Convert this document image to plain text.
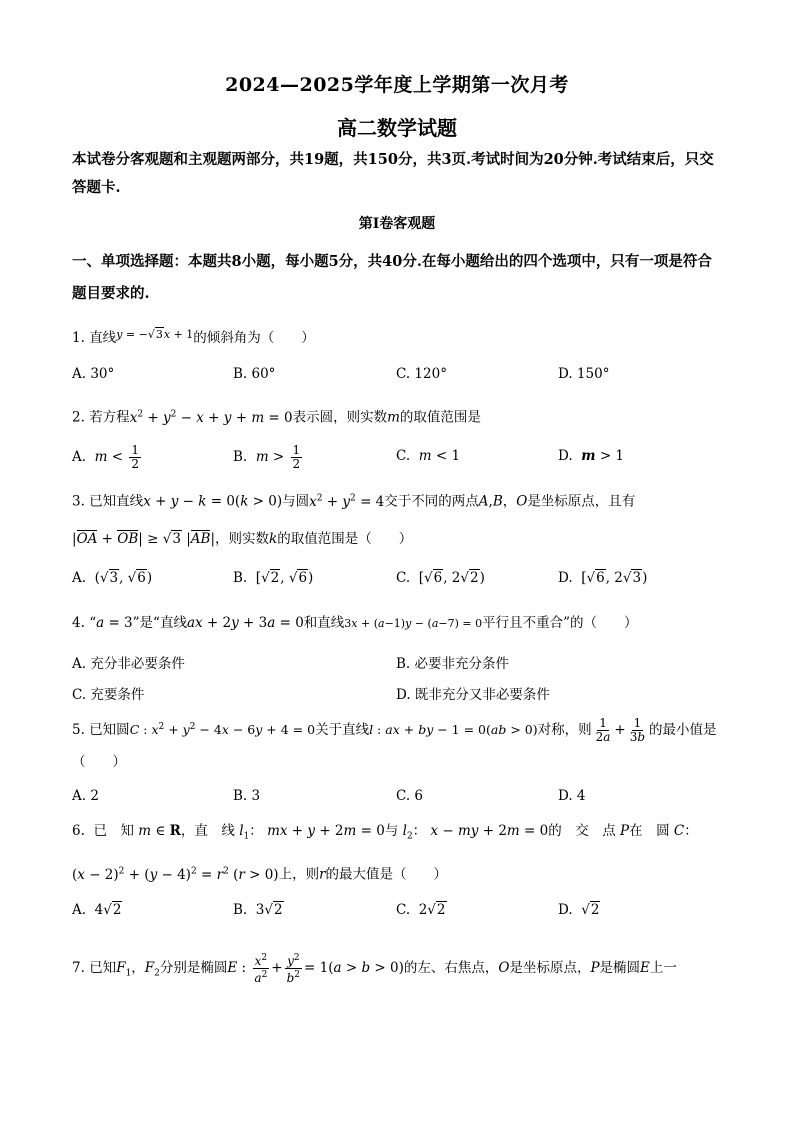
2024—2025学年度上学期第一次月考
高二数学试题
本试卷分客观题和主观题两部分，共19题，共150分，共3页.考试时间为20分钟.考试结束后，只交答题卡.
第I卷客观题
一、单项选择题：本题共8小题，每小题5分，共40分.在每小题给出的四个选项中，只有一项是符合题目要求的.
1. 直线$^{y = -√3x + 1}$的倾斜角为（　　）
A. 30°	B. 60°	C. 120°	D. 150°
2. 若方程$x^2 + y^2 - x + y + m = 0$表示圆，则实数m的取值范围是
A. $m < \frac{1}{2}$	B. $m > \frac{1}{2}$	C. m < 1	D. m > 1
3. 已知直线x + y − k = 0(k > 0)与圆$x^2 + y^2 = 4$交于不同的两点A,B，O是坐标原点，且有
|OA + OB| ≥ √3 |AB|，则实数k的取值范围是（　　）
A.  (√3, √6)	B.  [√2, √6)	C.  [√6, 2√2)	D.  [√6, 2√3)
4. “a = 3”是“直线ax + 2y + 3a = 0和直线3x + (a−1)y − (a−7) = 0平行且不重合”的（　　）
A. 充分非必要条件	B. 必要非充分条件
C. 充要条件	D. 既非充分又非必要条件
5. 已知圆C : $x^2 + y^2 - 4x - 6y + 4 = 0$关于直线l : ax + by − 1 = 0(ab > 0)对称，则 $\frac{1}{2a} + \frac{1}{3b}$ 的最小值是
（　　）
A. 2	B. 3	C. 6	D. 4
6. 已　知 m ∈ R，直　线 $l_1$： mx + y + 2m = 0与 $l_2$： x − my + 2m = 0的　交　点 P在　圆 C：
$(x - 2)^2 + (y - 4)^2 = r^2$ (r > 0)上，则r的最大值是（　　）
A.  4√2	B.  3√2	C.  2√2	D.  √2
7. 已知$F_1$，$F_2$分别是椭圆E : $\frac{x^2}{a^2} + \frac{y^2}{b^2} = 1(a > b > 0)$的左、右焦点，O是坐标原点，P是椭圆E上一
